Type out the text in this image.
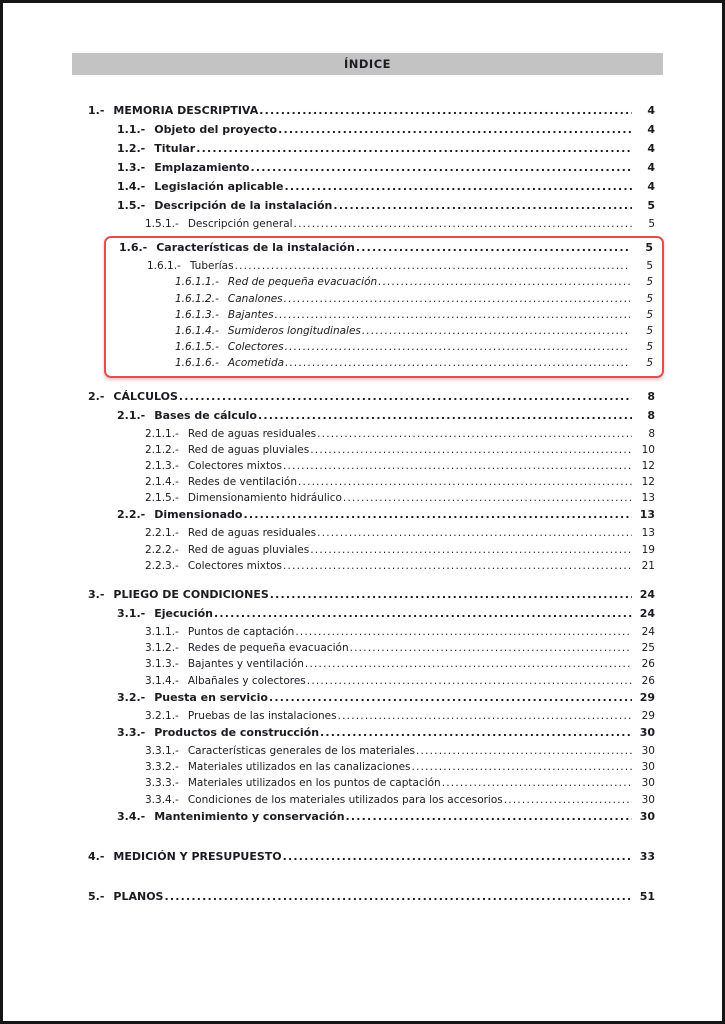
ÍNDICE
1.- MEMORIA DESCRIPTIVA .....	4
1.1.- Objeto del proyecto .....	4
1.2.- Titular .....	4
1.3.- Emplazamiento .....	4
1.4.- Legislación aplicable .....	4
1.5.- Descripción de la instalación .....	5
1.5.1.- Descripción general .....	5
1.6.- Características de la instalación .....	5
1.6.1.- Tuberías .....	5
1.6.1.1.- Red de pequeña evacuación .....	5
1.6.1.2.- Canalones .....	5
1.6.1.3.- Bajantes .....	5
1.6.1.4.- Sumideros longitudinales .....	5
1.6.1.5.- Colectores .....	5
1.6.1.6.- Acometida .....	5
2.- CÁLCULOS .....	8
2.1.- Bases de cálculo .....	8
2.1.1.- Red de aguas residuales .....	8
2.1.2.- Red de aguas pluviales .....	10
2.1.3.- Colectores mixtos .....	12
2.1.4.- Redes de ventilación .....	12
2.1.5.- Dimensionamiento hidráulico .....	13
2.2.- Dimensionado .....	13
2.2.1.- Red de aguas residuales .....	13
2.2.2.- Red de aguas pluviales .....	19
2.2.3.- Colectores mixtos .....	21
3.- PLIEGO DE CONDICIONES .....	24
3.1.- Ejecución .....	24
3.1.1.- Puntos de captación .....	24
3.1.2.- Redes de pequeña evacuación .....	25
3.1.3.- Bajantes y ventilación .....	26
3.1.4.- Albañales y colectores .....	26
3.2.- Puesta en servicio .....	29
3.2.1.- Pruebas de las instalaciones .....	29
3.3.- Productos de construcción .....	30
3.3.1.- Características generales de los materiales .....	30
3.3.2.- Materiales utilizados en las canalizaciones .....	30
3.3.3.- Materiales utilizados en los puntos de captación .....	30
3.3.4.- Condiciones de los materiales utilizados para los accesorios .....	30
3.4.- Mantenimiento y conservación .....	30
4.- MEDICIÓN Y PRESUPUESTO .....	33
5.- PLANOS .....	51
